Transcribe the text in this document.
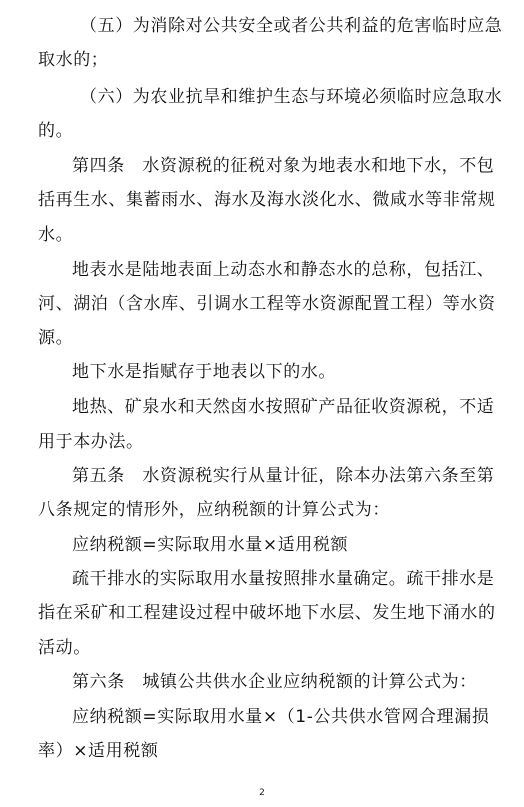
（五）为消除对公共安全或者公共利益的危害临时应急
取水的；
（六）为农业抗旱和维护生态与环境必须临时应急取水
的。
第四条　水资源税的征税对象为地表水和地下水，不包
括再生水、集蓄雨水、海水及海水淡化水、微咸水等非常规
水。
地表水是陆地表面上动态水和静态水的总称，包括江、
河、湖泊（含水库、引调水工程等水资源配置工程）等水资
源。
地下水是指赋存于地表以下的水。
地热、矿泉水和天然卤水按照矿产品征收资源税，不适
用于本办法。
第五条　水资源税实行从量计征，除本办法第六条至第
八条规定的情形外，应纳税额的计算公式为：
应纳税额=实际取用水量×适用税额
疏干排水的实际取用水量按照排水量确定。疏干排水是
指在采矿和工程建设过程中破坏地下水层、发生地下涌水的
活动。
第六条　城镇公共供水企业应纳税额的计算公式为：
应纳税额=实际取用水量×（1-公共供水管网合理漏损
率）×适用税额
2
